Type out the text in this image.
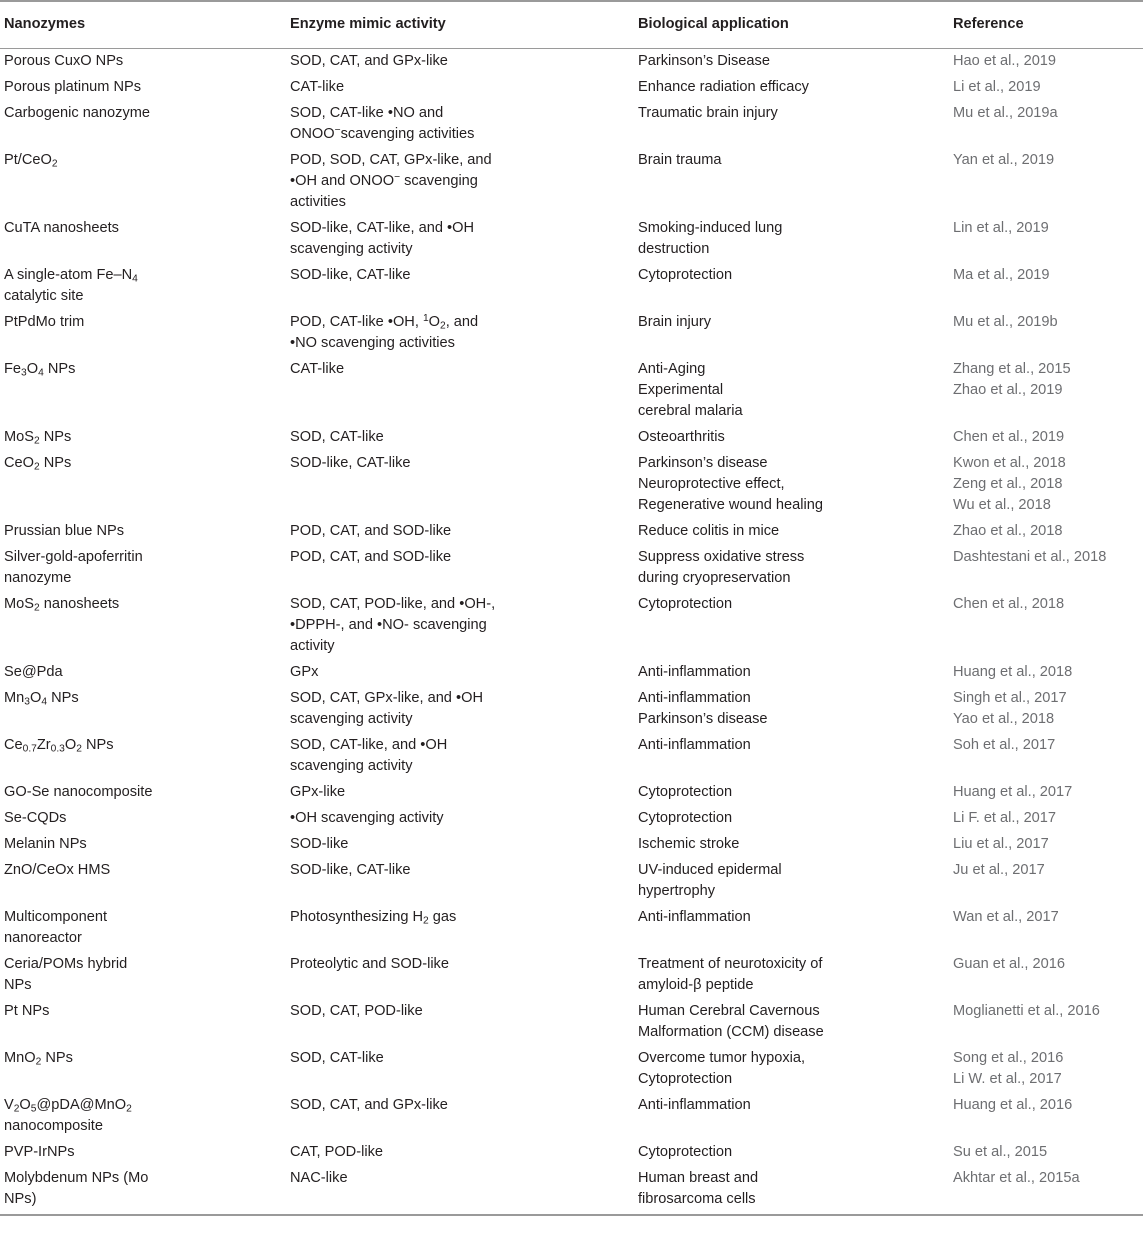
Nanozymes	Enzyme mimic activity	Biological application	Reference

Porous CuxO NPs	SOD, CAT, and GPx-like	Parkinson’s Disease	Hao et al., 2019

Porous platinum NPs	CAT-like	Enhance radiation efficacy	Li et al., 2019

Carbogenic nanozyme	SOD, CAT-like •NO and
ONOO−scavenging activities	Traumatic brain injury	Mu et al., 2019a

Pt/CeO$_2$	POD, SOD, CAT, GPx-like, and
•OH and ONOO− scavenging
activities	Brain trauma	Yan et al., 2019

CuTA nanosheets	SOD-like, CAT-like, and •OH
scavenging activity	Smoking-induced lung
destruction	Lin et al., 2019

A single-atom $Fe-N_4$
catalytic site	SOD-like, CAT-like	Cytoprotection	Ma et al., 2019

PtPdMo trim	POD, CAT-like •OH, $^1O_2$, and
•NO scavenging activities	Brain injury	Mu et al., 2019b

$Fe_3O_4$ NPs	CAT-like	Anti-Aging
Experimental
cerebral malaria	Zhang et al., 2015
Zhao et al., 2019

MoS$_2$ NPs	SOD, CAT-like	Osteoarthritis	Chen et al., 2019

CeO$_2$ NPs	SOD-like, CAT-like	Parkinson’s disease
Neuroprotective effect,
Regenerative wound healing	Kwon et al., 2018
Zeng et al., 2018
Wu et al., 2018

Prussian blue NPs	POD, CAT, and SOD-like	Reduce colitis in mice	Zhao et al., 2018

Silver-gold-apoferritin
nanozyme	POD, CAT, and SOD-like	Suppress oxidative stress
during cryopreservation	Dashtestani et al., 2018

MoS$_2$ nanosheets	SOD, CAT, POD-like, and •OH-,
•DPPH-, and •NO- scavenging
activity	Cytoprotection	Chen et al., 2018

Se@Pda	GPx	Anti-inflammation	Huang et al., 2018

$Mn_3O_4$ NPs	SOD, CAT, GPx-like, and •OH
scavenging activity	Anti-inflammation
Parkinson’s disease	Singh et al., 2017
Yao et al., 2018

$Ce_{0.7}Zr_{0.3}O_2$ NPs	SOD, CAT-like, and •OH
scavenging activity	Anti-inflammation	Soh et al., 2017

GO-Se nanocomposite	GPx-like	Cytoprotection	Huang et al., 2017

Se-CQDs	•OH scavenging activity	Cytoprotection	Li F. et al., 2017

Melanin NPs	SOD-like	Ischemic stroke	Liu et al., 2017

ZnO/CeOx HMS	SOD-like, CAT-like	UV-induced epidermal
hypertrophy	Ju et al., 2017

Multicomponent
nanoreactor	Photosynthesizing $H_2$ gas	Anti-inflammation	Wan et al., 2017

Ceria/POMs hybrid
NPs	Proteolytic and SOD-like	Treatment of neurotoxicity of
amyloid-β peptide	Guan et al., 2016

Pt NPs	SOD, CAT, POD-like	Human Cerebral Cavernous
Malformation (CCM) disease	Moglianetti et al., 2016

MnO$_2$ NPs	SOD, CAT-like	Overcome tumor hypoxia,
Cytoprotection	Song et al., 2016
Li W. et al., 2017

$V_2O_5@pDA@MnO_2$
nanocomposite	SOD, CAT, and GPx-like	Anti-inflammation	Huang et al., 2016

PVP-IrNPs	CAT, POD-like	Cytoprotection	Su et al., 2015

Molybdenum NPs (Mo
NPs)	NAC-like	Human breast and
fibrosarcoma cells	Akhtar et al., 2015a
